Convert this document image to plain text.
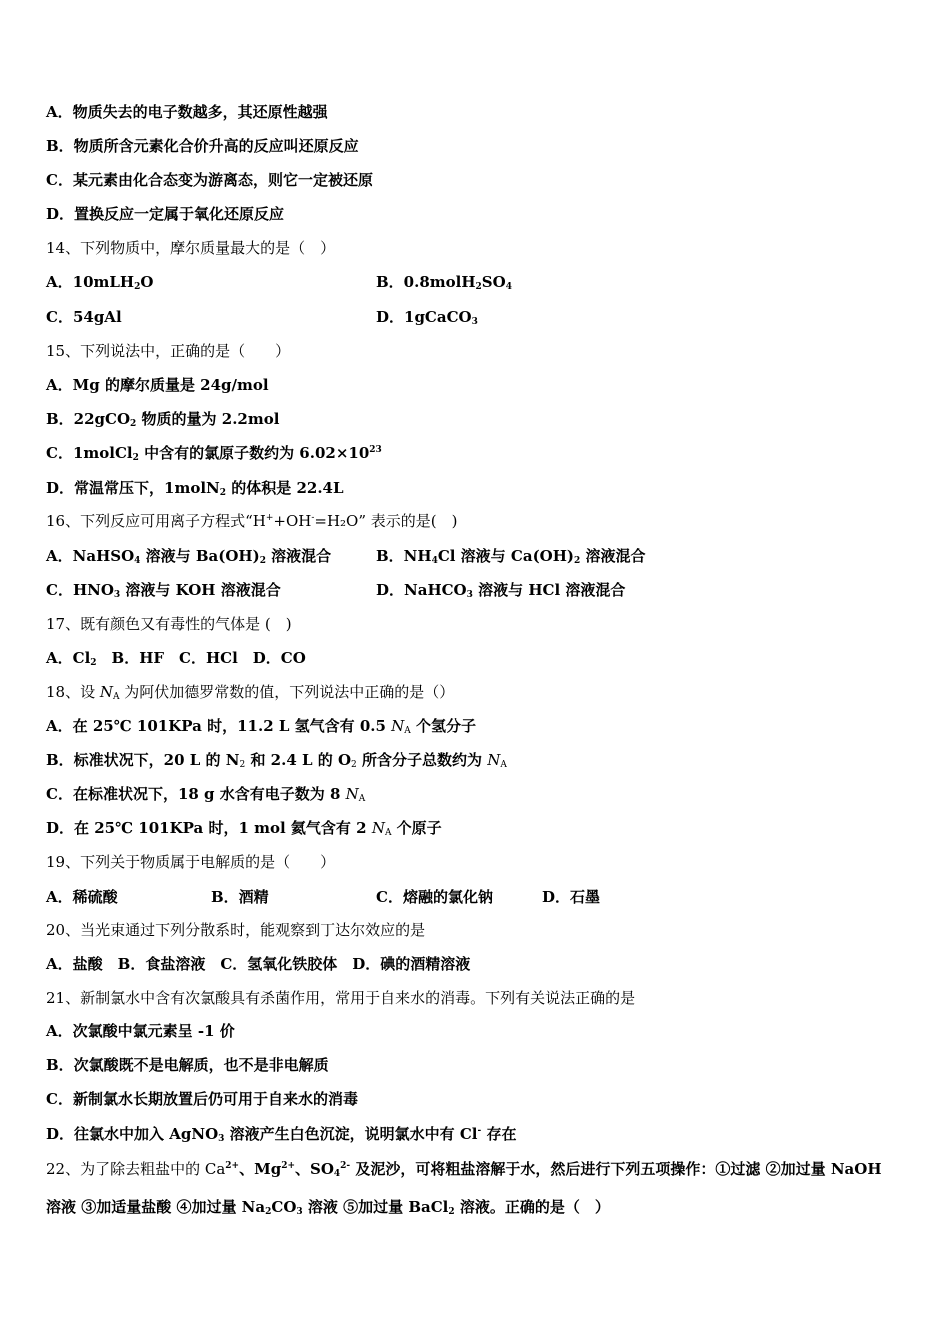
A．物质失去的电子数越多，其还原性越强
B．物质所含元素化合价升高的反应叫还原反应
C．某元素由化合态变为游离态，则它一定被还原
D．置换反应一定属于氧化还原反应
14、下列物质中，摩尔质量最大的是（　）
A．10mLH$_2$O	B．$0.8molH_2SO_4$
C．54gAl	D．1gCaCO$_3$
15、下列说法中，正确的是（　　）
A．Mg 的摩尔质量是 24g/mol
B．22gCO$_2$ 物质的量为 2.2mol
C．1molCl$_2$ 中含有的氯原子数约为 $6.02\times 10^{23}$
D．常温常压下，1molN$_2$ 的体积是 22.4L
16、下列反应可用离子方程式“H++OH-=H₂O” 表示的是(　)
A．NaHSO$_4$ 溶液与 $Ba(OH)_2$ 溶液混合	B．$NH_4Cl$ 溶液与 $Ca(OH)_2$ 溶液混合
C．$HNO_3$ 溶液与 KOH 溶液混合	D．NaHCO$_3$ 溶液与 HCl 溶液混合
17、既有颜色又有毒性的气体是 (　)
A．$Cl_2$　B．HF　C．HCl　D．CO
18、设 $N_A$ 为阿伏加德罗常数的值，下列说法中正确的是（）
A．在 25℃ 101KPa 时，11.2 L 氢气含有 0.5 $N_A$ 个氢分子
B．标准状况下，20 L 的 $N_2$ 和 2.4 L 的 $O_2$ 所含分子总数约为 $N_A$
C．在标准状况下，18 g 水含有电子数为 8 $N_A$
D．在 25℃ 101KPa 时，1 mol 氦气含有 2 $N_A$ 个原子
19、下列关于物质属于电解质的是（　　）
A．稀硫酸	B．酒精	C．熔融的氯化钠	D．石墨
20、当光束通过下列分散系时，能观察到丁达尔效应的是
A．盐酸　B．食盐溶液　C．氢氧化铁胶体　D．碘的酒精溶液
21、新制氯水中含有次氯酸具有杀菌作用，常用于自来水的消毒。下列有关说法正确的是
A．次氯酸中氯元素呈 -1 价
B．次氯酸既不是电解质，也不是非电解质
C．新制氯水长期放置后仍可用于自来水的消毒
D．往氯水中加入 AgNO$_3$ 溶液产生白色沉淀，说明氯水中有 Cl- 存在
22、为了除去粗盐中的 $Ca^{2+}$、$Mg^{2+}$、$SO_4^{2-}$ 及泥沙，可将粗盐溶解于水，然后进行下列五项操作：①过滤 ②加过量 NaOH
溶液 ③加适量盐酸 ④加过量 $Na_2CO_3$ 溶液 ⑤加过量 BaCl$_2$ 溶液。正确的是（　）
